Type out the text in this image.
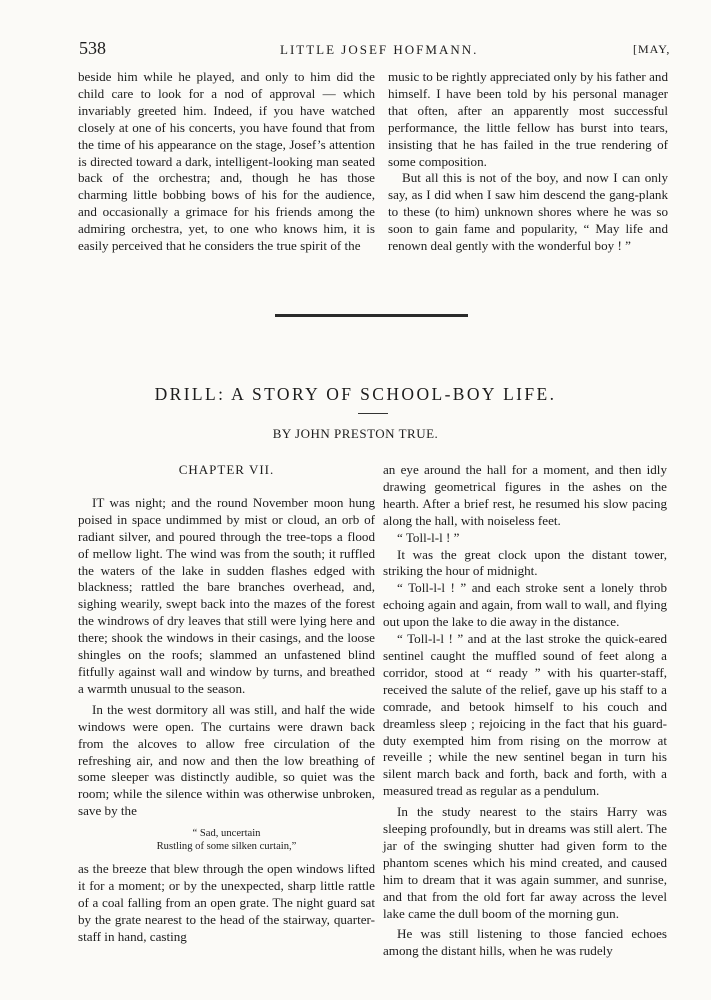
538	LITTLE JOSEF HOFMANN.	[MAY,

beside him while he played, and only to him did the child care to look for a nod of approval — which invariably greeted him. Indeed, if you have watched closely at one of his concerts, you have found that from the time of his appearance on the stage, Josef’s attention is directed toward a dark, intelligent-looking man seated back of the orchestra; and, though he has those charming little bobbing bows of his for the audience, and occasionally a grimace for his friends among the admiring orchestra, yet, to one who knows him, it is easily perceived that he considers the true spirit of the

music to be rightly appreciated only by his father and himself. I have been told by his personal manager that often, after an apparently most successful performance, the little fellow has burst into tears, insisting that he has failed in the true rendering of some composition.

But all this is not of the boy, and now I can only say, as I did when I saw him descend the gang-plank to these (to him) unknown shores where he was so soon to gain fame and popularity, “ May life and renown deal gently with the wonderful boy ! ”

DRILL: A STORY OF SCHOOL-BOY LIFE.
BY JOHN PRESTON TRUE.

CHAPTER VII.

IT was night; and the round November moon hung poised in space undimmed by mist or cloud, an orb of radiant silver, and poured through the tree-tops a flood of mellow light. The wind was from the south; it ruffled the waters of the lake in sudden flashes edged with blackness; rattled the bare branches overhead, and, sighing wearily, swept back into the mazes of the forest the windrows of dry leaves that still were lying here and there; shook the windows in their casings, and the loose shingles on the roofs; slammed an unfastened blind fitfully against wall and window by turns, and breathed a warmth unusual to the season.

In the west dormitory all was still, and half the wide windows were open. The curtains were drawn back from the alcoves to allow free circulation of the refreshing air, and now and then the low breathing of some sleeper was distinctly audible, so quiet was the room; while the silence within was otherwise unbroken, save by the

“ Sad, uncertain
Rustling of some silken curtain,”

as the breeze that blew through the open windows lifted it for a moment; or by the unexpected, sharp little rattle of a coal falling from an open grate. The night guard sat by the grate nearest to the head of the stairway, quarter-staff in hand, casting

an eye around the hall for a moment, and then idly drawing geometrical figures in the ashes on the hearth. After a brief rest, he resumed his slow pacing along the hall, with noiseless feet.

“ Toll-l-l ! ”

It was the great clock upon the distant tower, striking the hour of midnight.

“ Toll-l-l ! ” and each stroke sent a lonely throb echoing again and again, from wall to wall, and flying out upon the lake to die away in the distance.

“ Toll-l-l ! ” and at the last stroke the quick-eared sentinel caught the muffled sound of feet along a corridor, stood at “ ready ” with his quarter-staff, received the salute of the relief, gave up his staff to a comrade, and betook himself to his couch and dreamless sleep ; rejoicing in the fact that his guard-duty exempted him from rising on the morrow at reveille ; while the new sentinel began in turn his silent march back and forth, back and forth, with a measured tread as regular as a pendulum.

In the study nearest to the stairs Harry was sleeping profoundly, but in dreams was still alert. The jar of the swinging shutter had given form to the phantom scenes which his mind created, and caused him to dream that it was again summer, and sunrise, and that from the old fort far away across the level lake came the dull boom of the morning gun.

He was still listening to those fancied echoes among the distant hills, when he was rudely
